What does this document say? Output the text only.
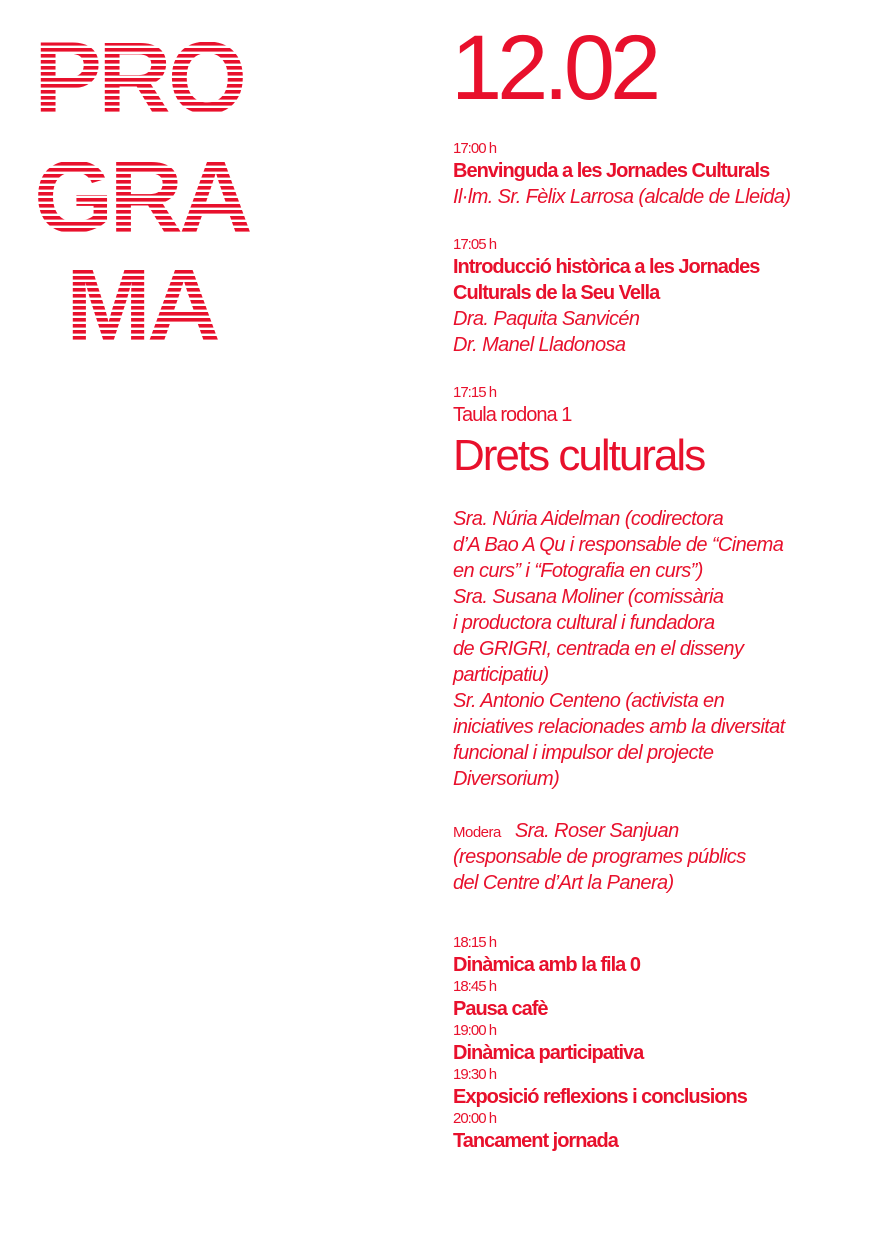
12.02
17:00 h
Benvinguda a les Jornades Culturals
Il·lm. Sr. Fèlix Larrosa (alcalde de Lleida)
17:05 h
Introducció històrica a les Jornades
Culturals de la Seu Vella
Dra. Paquita Sanvicén
Dr. Manel Lladonosa
17:15 h
Taula rodona 1
Drets culturals
Sra. Núria Aidelman (codirectora
d’A Bao A Qu i responsable de “Cinema
en curs” i “Fotografia en curs”)
Sra. Susana Moliner (comissària
i productora cultural i fundadora
de GRIGRI, centrada en el disseny
participatiu)
Sr. Antonio Centeno (activista en
iniciatives relacionades amb la diversitat
funcional i impulsor del projecte
Diversorium)
Modera Sra. Roser Sanjuan
(responsable de programes públics
del Centre d’Art la Panera)
18:15 h
Dinàmica amb la fila 0
18:45 h
Pausa cafè
19:00 h
Dinàmica participativa
19:30 h
Exposició reflexions i conclusions
20:00 h
Tancament jornada
